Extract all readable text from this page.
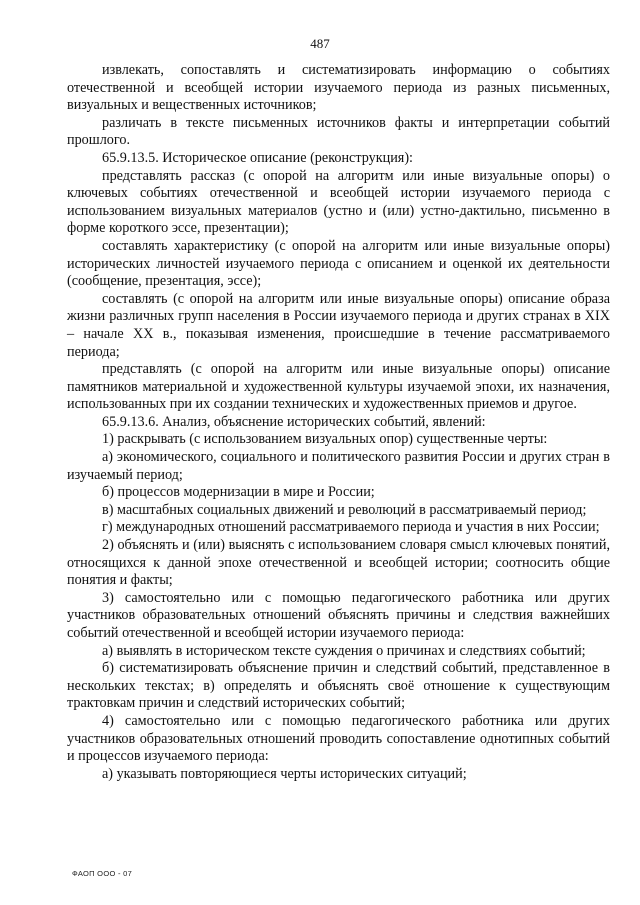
487

извлекать, сопоставлять и систематизировать информацию о событиях отечественной и всеобщей истории изучаемого периода из разных письменных, визуальных и вещественных источников;

различать в тексте письменных источников факты и интерпретации событий прошлого.

65.9.13.5. Историческое описание (реконструкция):

представлять рассказ (с опорой на алгоритм или иные визуальные опоры) о ключевых событиях отечественной и всеобщей истории изучаемого периода с использованием визуальных материалов (устно и (или) устно-дактильно, письменно в форме короткого эссе, презентации);

составлять характеристику (с опорой на алгоритм или иные визуальные опоры) исторических личностей изучаемого периода с описанием и оценкой их деятельности (сообщение, презентация, эссе);

составлять (с опорой на алгоритм или иные визуальные опоры) описание образа жизни различных групп населения в России изучаемого периода и других странах в XIX – начале XX в., показывая изменения, происшедшие в течение рассматриваемого периода;

представлять (с опорой на алгоритм или иные визуальные опоры) описание памятников материальной и художественной культуры изучаемой эпохи, их назначения, использованных при их создании технических и художественных приемов и другое.

65.9.13.6. Анализ, объяснение исторических событий, явлений:

1) раскрывать (с использованием визуальных опор) существенные черты:

а) экономического, социального и политического развития России и других стран в изучаемый период;

б) процессов модернизации в мире и России;

в) масштабных социальных движений и революций в рассматриваемый период;

г) международных отношений рассматриваемого периода и участия в них России;

2) объяснять и (или) выяснять с использованием словаря смысл ключевых понятий, относящихся к данной эпохе отечественной и всеобщей истории; соотносить общие понятия и факты;

3) самостоятельно или с помощью педагогического работника или других участников образовательных отношений объяснять причины и следствия важнейших событий отечественной и всеобщей истории изучаемого периода:

а) выявлять в историческом тексте суждения о причинах и следствиях событий;

б) систематизировать объяснение причин и следствий событий, представленное в нескольких текстах; в) определять и объяснять своё отношение к существующим трактовкам причин и следствий исторических событий;

4) самостоятельно или с помощью педагогического работника или других участников образовательных отношений проводить сопоставление однотипных событий и процессов изучаемого периода:

а) указывать повторяющиеся черты исторических ситуаций;

ФАОП ООО - 07
